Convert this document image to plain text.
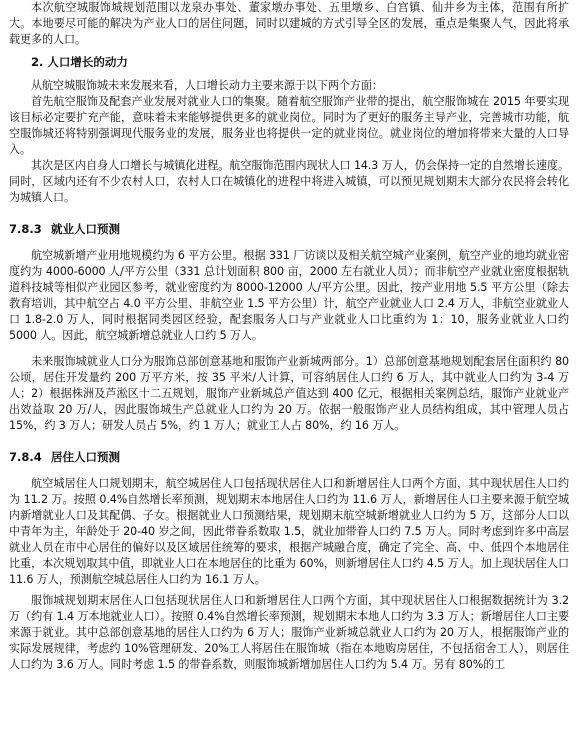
本次航空城服饰城规划范围以龙泉办事处、董家墩办事处、五里墩乡、白宫镇、仙井乡为主体，范围有所扩大。本地要尽可能的解决为产业人口的居住问题，同时以建城的方式引导全区的发展，重点是集聚人气，因此将承载更多的人口。

2. 人口增长的动力

从航空城服饰城未来发展来看，人口增长动力主要来源于以下两个方面：

首先航空服饰及配套产业发展对就业人口的集聚。随着航空服饰产业带的提出，航空服饰城在 2015 年要实现该目标必定要扩充产能，意味着未来能够提供更多的就业岗位。同时为了更好的服务主导产业，完善城市功能，航空服饰城还将特别强调现代服务业的发展，服务业也将提供一定的就业岗位。就业岗位的增加将带来大量的人口导入。

其次是区内自身人口增长与城镇化进程。航空服饰范围内现状人口 14.3 万人，仍会保持一定的自然增长速度。同时，区域内还有不少农村人口，农村人口在城镇化的进程中将进入城镇，可以预见规划期末大部分农民将会转化为城镇人口。

7.8.3 就业人口预测

航空城新增产业用地规模约为 6 平方公里。根据 331 厂访谈以及相关航空城产业案例，航空产业的地均就业密度约为 4000-6000 人/平方公里（331 总计划面积 800 亩，2000 左右就业人员）；而非航空产业就业密度根据轨道科技城等相似产业园区参考，就业密度约为 8000-12000 人/平方公里。因此，按产业用地 5.5 平方公里（除去教育培训，其中航空占 4.0 平方公里、非航空业 1.5 平方公里）计，航空产业就业人口 2.4 万人，非航空业就业人口 1.8-2.0 万人，同时根据同类园区经验，配套服务人口与产业就业人口比重约为 1：10，服务业就业人口约 5000 人。因此，航空城新增总就业人口约 5 万人。

未来服饰城就业人口分为服饰总部创意基地和服饰产业新城两部分。1）总部创意基地规划配套居住面积约 80 公顷，居住开发量约 200 万平方米，按 35 平米/人计算，可容纳居住人口约 6 万人，其中就业人口约为 3-4 万人；2）根据株洲及芦淞区十二五规划，服饰产业新城总产值达到 400 亿元，根据相关案例总结，服饰产业就业产出效益取 20 万/人，因此服饰城生产总就业人口约为 20 万。依据一般服饰产业人员结构组成，其中管理人员占 15%，约 3 万人；研发人员占 5%，约 1 万人；就业工人占 80%，约 16 万人。

7.8.4 居住人口预测

航空城居住人口规划期末，航空城居住人口包括现状居住人口和新增居住人口两个方面，其中现状居住人口约为 11.2 万。按照 0.4%自然增长率预测，规划期末本地居住人口约为 11.6 万人，新增居住人口主要来源于航空城内新增就业人口及其配偶、子女。根据就业人口预测结果，规划期末航空城新增就业人口约为 5 万，这部分人口以中青年为主，年龄处于 20-40 岁之间，因此带眷系数取 1.5，就业加带眷人口约 7.5 万人。同时考虑到许多中高层就业人员在市中心居住的偏好以及区域居住统筹的要求，根据产城融合度，确定了完全、高、中、低四个本地居住比重，本次规划取其中值，即就业人口在本地居住的比重为 60%，则新增居住人口约 4.5 万人。加上现状居住人口 11.6 万人，预测航空城总居住人口约为 16.1 万人。

服饰城规划期末居住人口包括现状居住人口和新增居住人口两个方面，其中现状居住人口根据数据统计为 3.2 万（约有 1.4 万本地就业人口）。按照 0.4%自然增长率预测，规划期末本地人口约为 3.3 万人；新增居住人口主要来源于就业。其中总部创意基地的居住人口约为 6 万人；服饰产业新城总就业人口约为 20 万人，根据服饰产业的实际发展规律，考虑约 10%管理研发、20%工人将居住在服饰城（指在本地购房居住，不包括宿舍工人），则居住人口约为 3.6 万人。同时考虑 1.5 的带眷系数，则服饰城新增加居住人口约为 5.4 万。另有 80%的工
